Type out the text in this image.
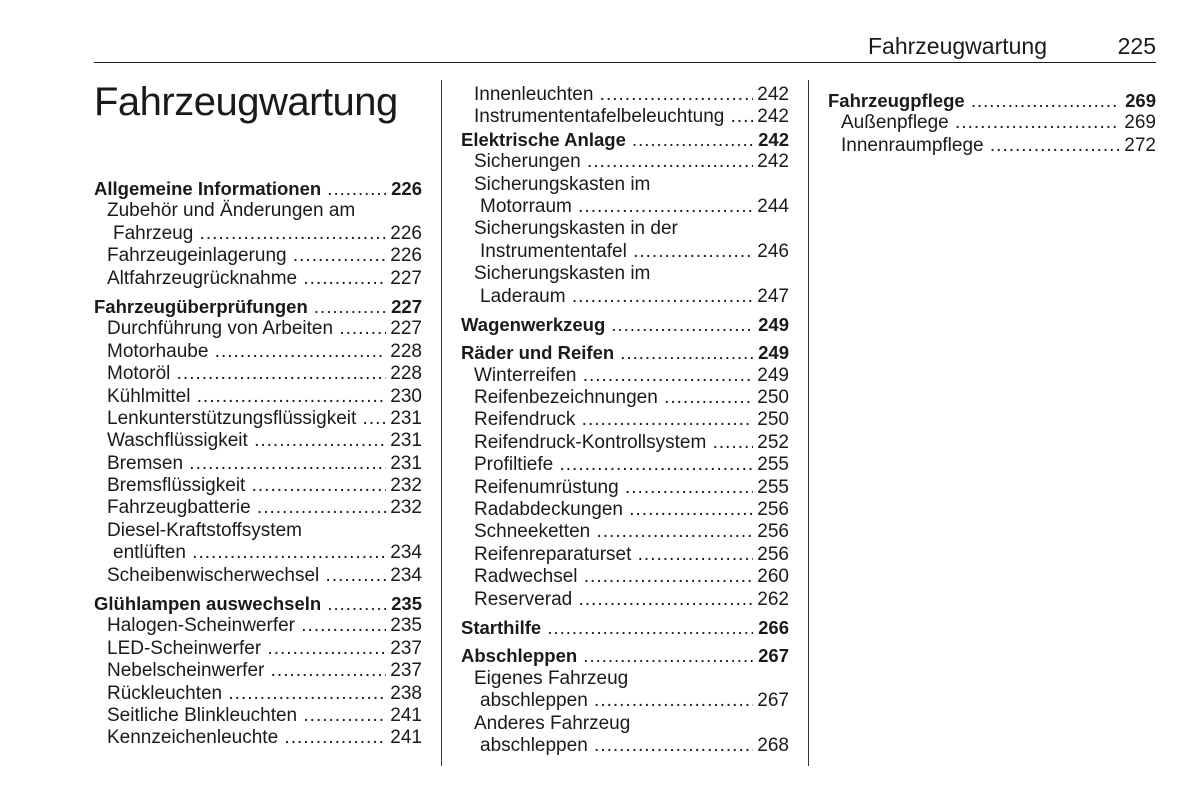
Fahrzeugwartung	225
Fahrzeugwartung
Allgemeine Informationen .....	226
Zubehör und Änderungen am
Fahrzeug .....	226
Fahrzeugeinlagerung .....	226
Altfahrzeugrücknahme .....	227
Fahrzeugüberprüfungen .....	227
Durchführung von Arbeiten .....	227
Motorhaube .....	228
Motoröl .....	228
Kühlmittel .....	230
Lenkunterstützungsflüssigkeit .....	231
Waschflüssigkeit .....	231
Bremsen .....	231
Bremsflüssigkeit .....	232
Fahrzeugbatterie .....	232
Diesel-Kraftstoffsystem
entlüften .....	234
Scheibenwischerwechsel .....	234
Glühlampen auswechseln .....	235
Halogen-Scheinwerfer .....	235
LED-Scheinwerfer .....	237
Nebelscheinwerfer .....	237
Rückleuchten .....	238
Seitliche Blinkleuchten .....	241
Kennzeichenleuchte .....	241
Innenleuchten .....	242
Instrumententafelbeleuchtung .....	242
Elektrische Anlage .....	242
Sicherungen .....	242
Sicherungskasten im
Motorraum .....	244
Sicherungskasten in der
Instrumententafel .....	246
Sicherungskasten im
Laderaum .....	247
Wagenwerkzeug .....	249
Räder und Reifen .....	249
Winterreifen .....	249
Reifenbezeichnungen .....	250
Reifendruck .....	250
Reifendruck-Kontrollsystem .....	252
Profiltiefe .....	255
Reifenumrüstung .....	255
Radabdeckungen .....	256
Schneeketten .....	256
Reifenreparaturset .....	256
Radwechsel .....	260
Reserverad .....	262
Starthilfe .....	266
Abschleppen .....	267
Eigenes Fahrzeug
abschleppen .....	267
Anderes Fahrzeug
abschleppen .....	268
Fahrzeugpflege .....	269
Außenpflege .....	269
Innenraumpflege .....	272
